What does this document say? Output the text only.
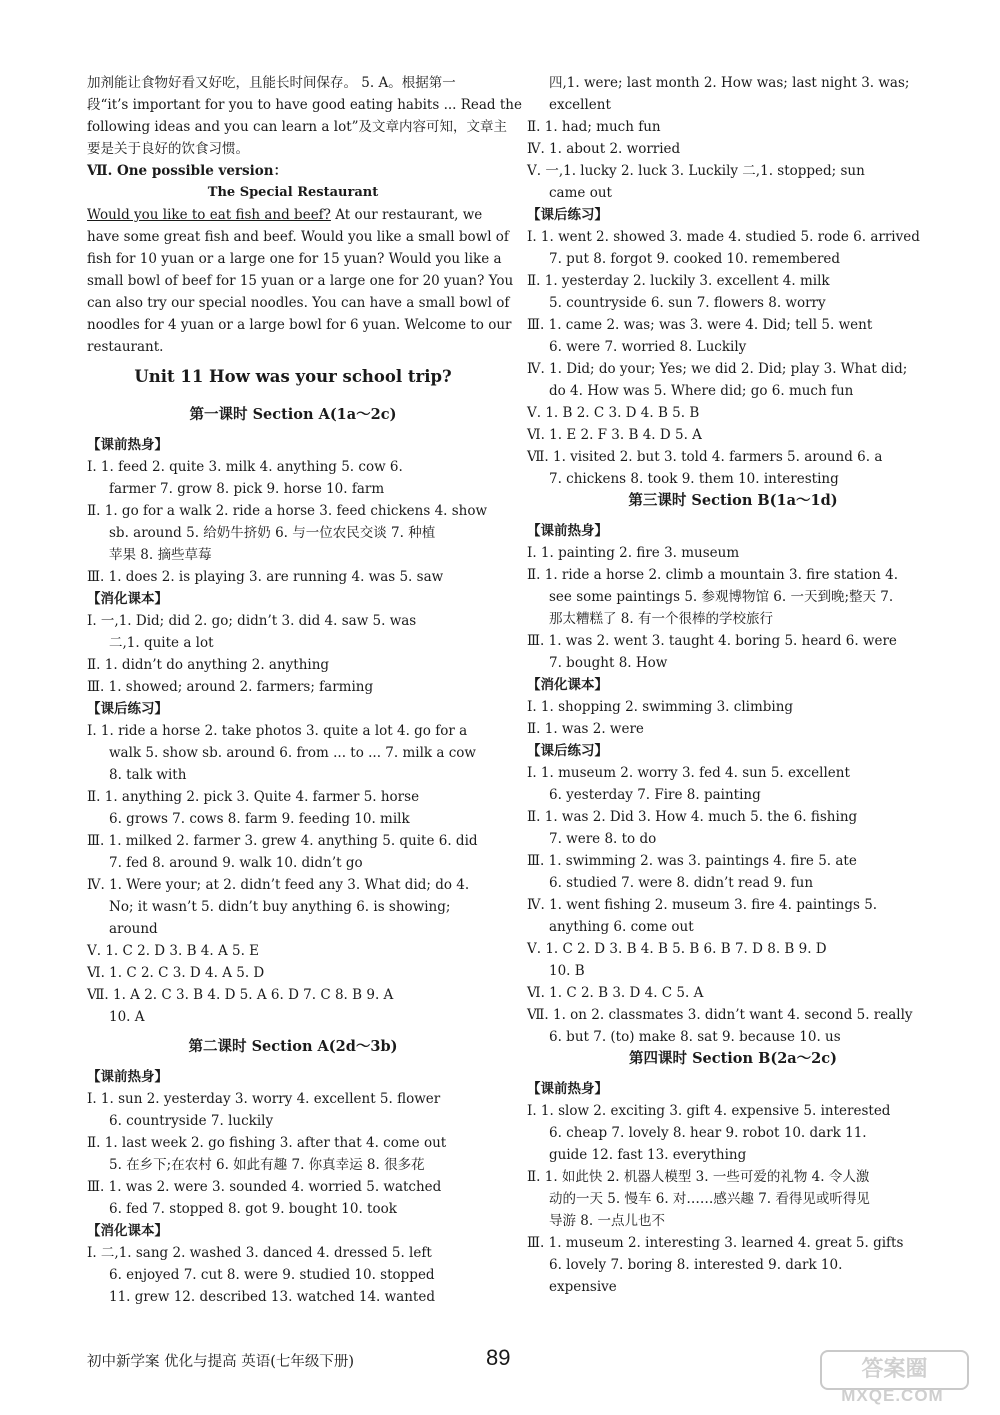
加剂能让食物好看又好吃，且能长时间保存。 5. A。根据第一
段“it’s important for you to have good eating habits ... Read the
following ideas and you can learn a lot”及文章内容可知，文章主
要是关于良好的饮食习惯。
Ⅶ. One possible version：
The Special Restaurant
Would you like to eat fish and beef? At our restaurant, we
have some great fish and beef. Would you like a small bowl of
fish for 10 yuan or a large one for 15 yuan? Would you like a
small bowl of beef for 15 yuan or a large one for 20 yuan? You
can also try our special noodles. You can have a small bowl of
noodles for 4 yuan or a large bowl for 6 yuan. Welcome to our
restaurant.
Unit 11 How was your school trip?
第一课时 Section A(1a～2c)
【课前热身】
Ⅰ. 1. feed 2. quite 3. milk 4. anything 5. cow 6.
farmer 7. grow 8. pick 9. horse 10. farm
Ⅱ. 1. go for a walk 2. ride a horse 3. feed chickens 4. show
sb. around 5. 给奶牛挤奶 6. 与一位农民交谈 7. 种植
苹果 8. 摘些草莓
Ⅲ. 1. does 2. is playing 3. are running 4. was 5. saw
【消化课本】
Ⅰ. 一,1. Did; did 2. go; didn’t 3. did 4. saw 5. was
二,1. quite a lot
Ⅱ. 1. didn’t do anything 2. anything
Ⅲ. 1. showed; around 2. farmers; farming
【课后练习】
Ⅰ. 1. ride a horse 2. take photos 3. quite a lot 4. go for a
walk 5. show sb. around 6. from ... to ... 7. milk a cow
8. talk with
Ⅱ. 1. anything 2. pick 3. Quite 4. farmer 5. horse
6. grows 7. cows 8. farm 9. feeding 10. milk
Ⅲ. 1. milked 2. farmer 3. grew 4. anything 5. quite 6. did
7. fed 8. around 9. walk 10. didn’t go
Ⅳ. 1. Were your; at 2. didn’t feed any 3. What did; do 4.
No; it wasn’t 5. didn’t buy anything 6. is showing;
around
Ⅴ. 1. C 2. D 3. B 4. A 5. E
Ⅵ. 1. C 2. C 3. D 4. A 5. D
Ⅶ. 1. A 2. C 3. B 4. D 5. A 6. D 7. C 8. B 9. A
10. A
第二课时 Section A(2d～3b)
【课前热身】
Ⅰ. 1. sun 2. yesterday 3. worry 4. excellent 5. flower
6. countryside 7. luckily
Ⅱ. 1. last week 2. go fishing 3. after that 4. come out
5. 在乡下;在农村 6. 如此有趣 7. 你真幸运 8. 很多花
Ⅲ. 1. was 2. were 3. sounded 4. worried 5. watched
6. fed 7. stopped 8. got 9. bought 10. took
【消化课本】
Ⅰ. 二,1. sang 2. washed 3. danced 4. dressed 5. left
6. enjoyed 7. cut 8. were 9. studied 10. stopped
11. grew 12. described 13. watched 14. wanted
四,1. were; last month 2. How was; last night 3. was;
excellent
Ⅱ. 1. had; much fun
Ⅳ. 1. about 2. worried
Ⅴ. 一,1. lucky 2. luck 3. Luckily 二,1. stopped; sun
came out
【课后练习】
Ⅰ. 1. went 2. showed 3. made 4. studied 5. rode 6. arrived
7. put 8. forgot 9. cooked 10. remembered
Ⅱ. 1. yesterday 2. luckily 3. excellent 4. milk
5. countryside 6. sun 7. flowers 8. worry
Ⅲ. 1. came 2. was; was 3. were 4. Did; tell 5. went
6. were 7. worried 8. Luckily
Ⅳ. 1. Did; do your; Yes; we did 2. Did; play 3. What did;
do 4. How was 5. Where did; go 6. much fun
Ⅴ. 1. B 2. C 3. D 4. B 5. B
Ⅵ. 1. E 2. F 3. B 4. D 5. A
Ⅶ. 1. visited 2. but 3. told 4. farmers 5. around 6. a
7. chickens 8. took 9. them 10. interesting
第三课时 Section B(1a～1d)
【课前热身】
Ⅰ. 1. painting 2. fire 3. museum
Ⅱ. 1. ride a horse 2. climb a mountain 3. fire station 4.
see some paintings 5. 参观博物馆 6. 一天到晚;整天 7.
那太糟糕了 8. 有一个很棒的学校旅行
Ⅲ. 1. was 2. went 3. taught 4. boring 5. heard 6. were
7. bought 8. How
【消化课本】
Ⅰ. 1. shopping 2. swimming 3. climbing
Ⅱ. 1. was 2. were
【课后练习】
Ⅰ. 1. museum 2. worry 3. fed 4. sun 5. excellent
6. yesterday 7. Fire 8. painting
Ⅱ. 1. was 2. Did 3. How 4. much 5. the 6. fishing
7. were 8. to do
Ⅲ. 1. swimming 2. was 3. paintings 4. fire 5. ate
6. studied 7. were 8. didn’t read 9. fun
Ⅳ. 1. went fishing 2. museum 3. fire 4. paintings 5.
anything 6. come out
Ⅴ. 1. C 2. D 3. B 4. B 5. B 6. B 7. D 8. B 9. D
10. B
Ⅵ. 1. C 2. B 3. D 4. C 5. A
Ⅶ. 1. on 2. classmates 3. didn’t want 4. second 5. really
6. but 7. (to) make 8. sat 9. because 10. us
第四课时 Section B(2a～2c)
【课前热身】
Ⅰ. 1. slow 2. exciting 3. gift 4. expensive 5. interested
6. cheap 7. lovely 8. hear 9. robot 10. dark 11.
guide 12. fast 13. everything
Ⅱ. 1. 如此快 2. 机器人模型 3. 一些可爱的礼物 4. 令人激
动的一天 5. 慢车 6. 对……感兴趣 7. 看得见或听得见
导游 8. 一点儿也不
Ⅲ. 1. museum 2. interesting 3. learned 4. great 5. gifts
6. lovely 7. boring 8. interested 9. dark 10.
expensive
初中新学案 优化与提高 英语(七年级下册)	89	答案圈
MXQE.COM
